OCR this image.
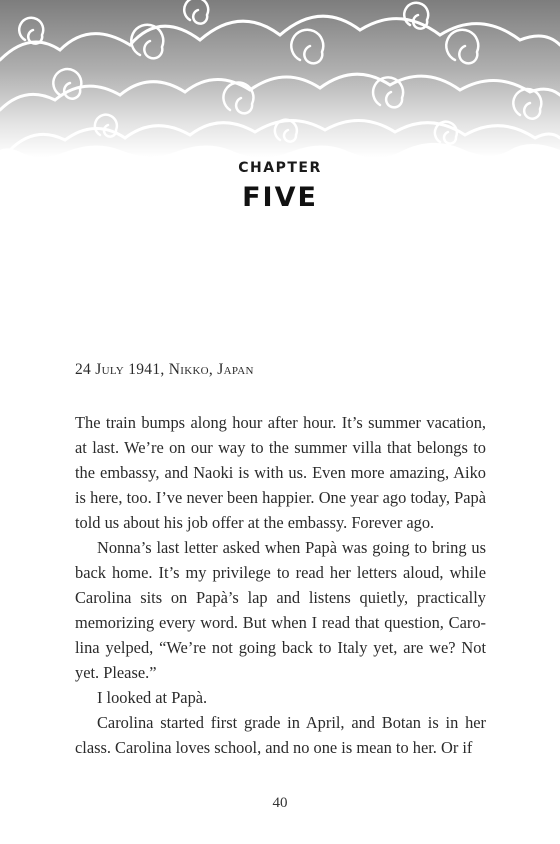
CHAPTER
FIVE
24 July 1941, Nikko, Japan

The train bumps along hour after hour. It’s summer vacation, at last. We’re on our way to the summer villa that belongs to the embassy, and Naoki is with us. Even more amazing, Aiko is here, too. I’ve never been happier. One year ago today, Papà told us about his job offer at the embassy. Forever ago.

Nonna’s last letter asked when Papà was going to bring us back home. It’s my privilege to read her letters aloud, while Carolina sits on Papà’s lap and listens quietly, practically memorizing every word. But when I read that question, Carolina yelped, “We’re not going back to Italy yet, are we? Not yet. Please.”

I looked at Papà.

Carolina started first grade in April, and Botan is in her class. Carolina loves school, and no one is mean to her. Or if

40
